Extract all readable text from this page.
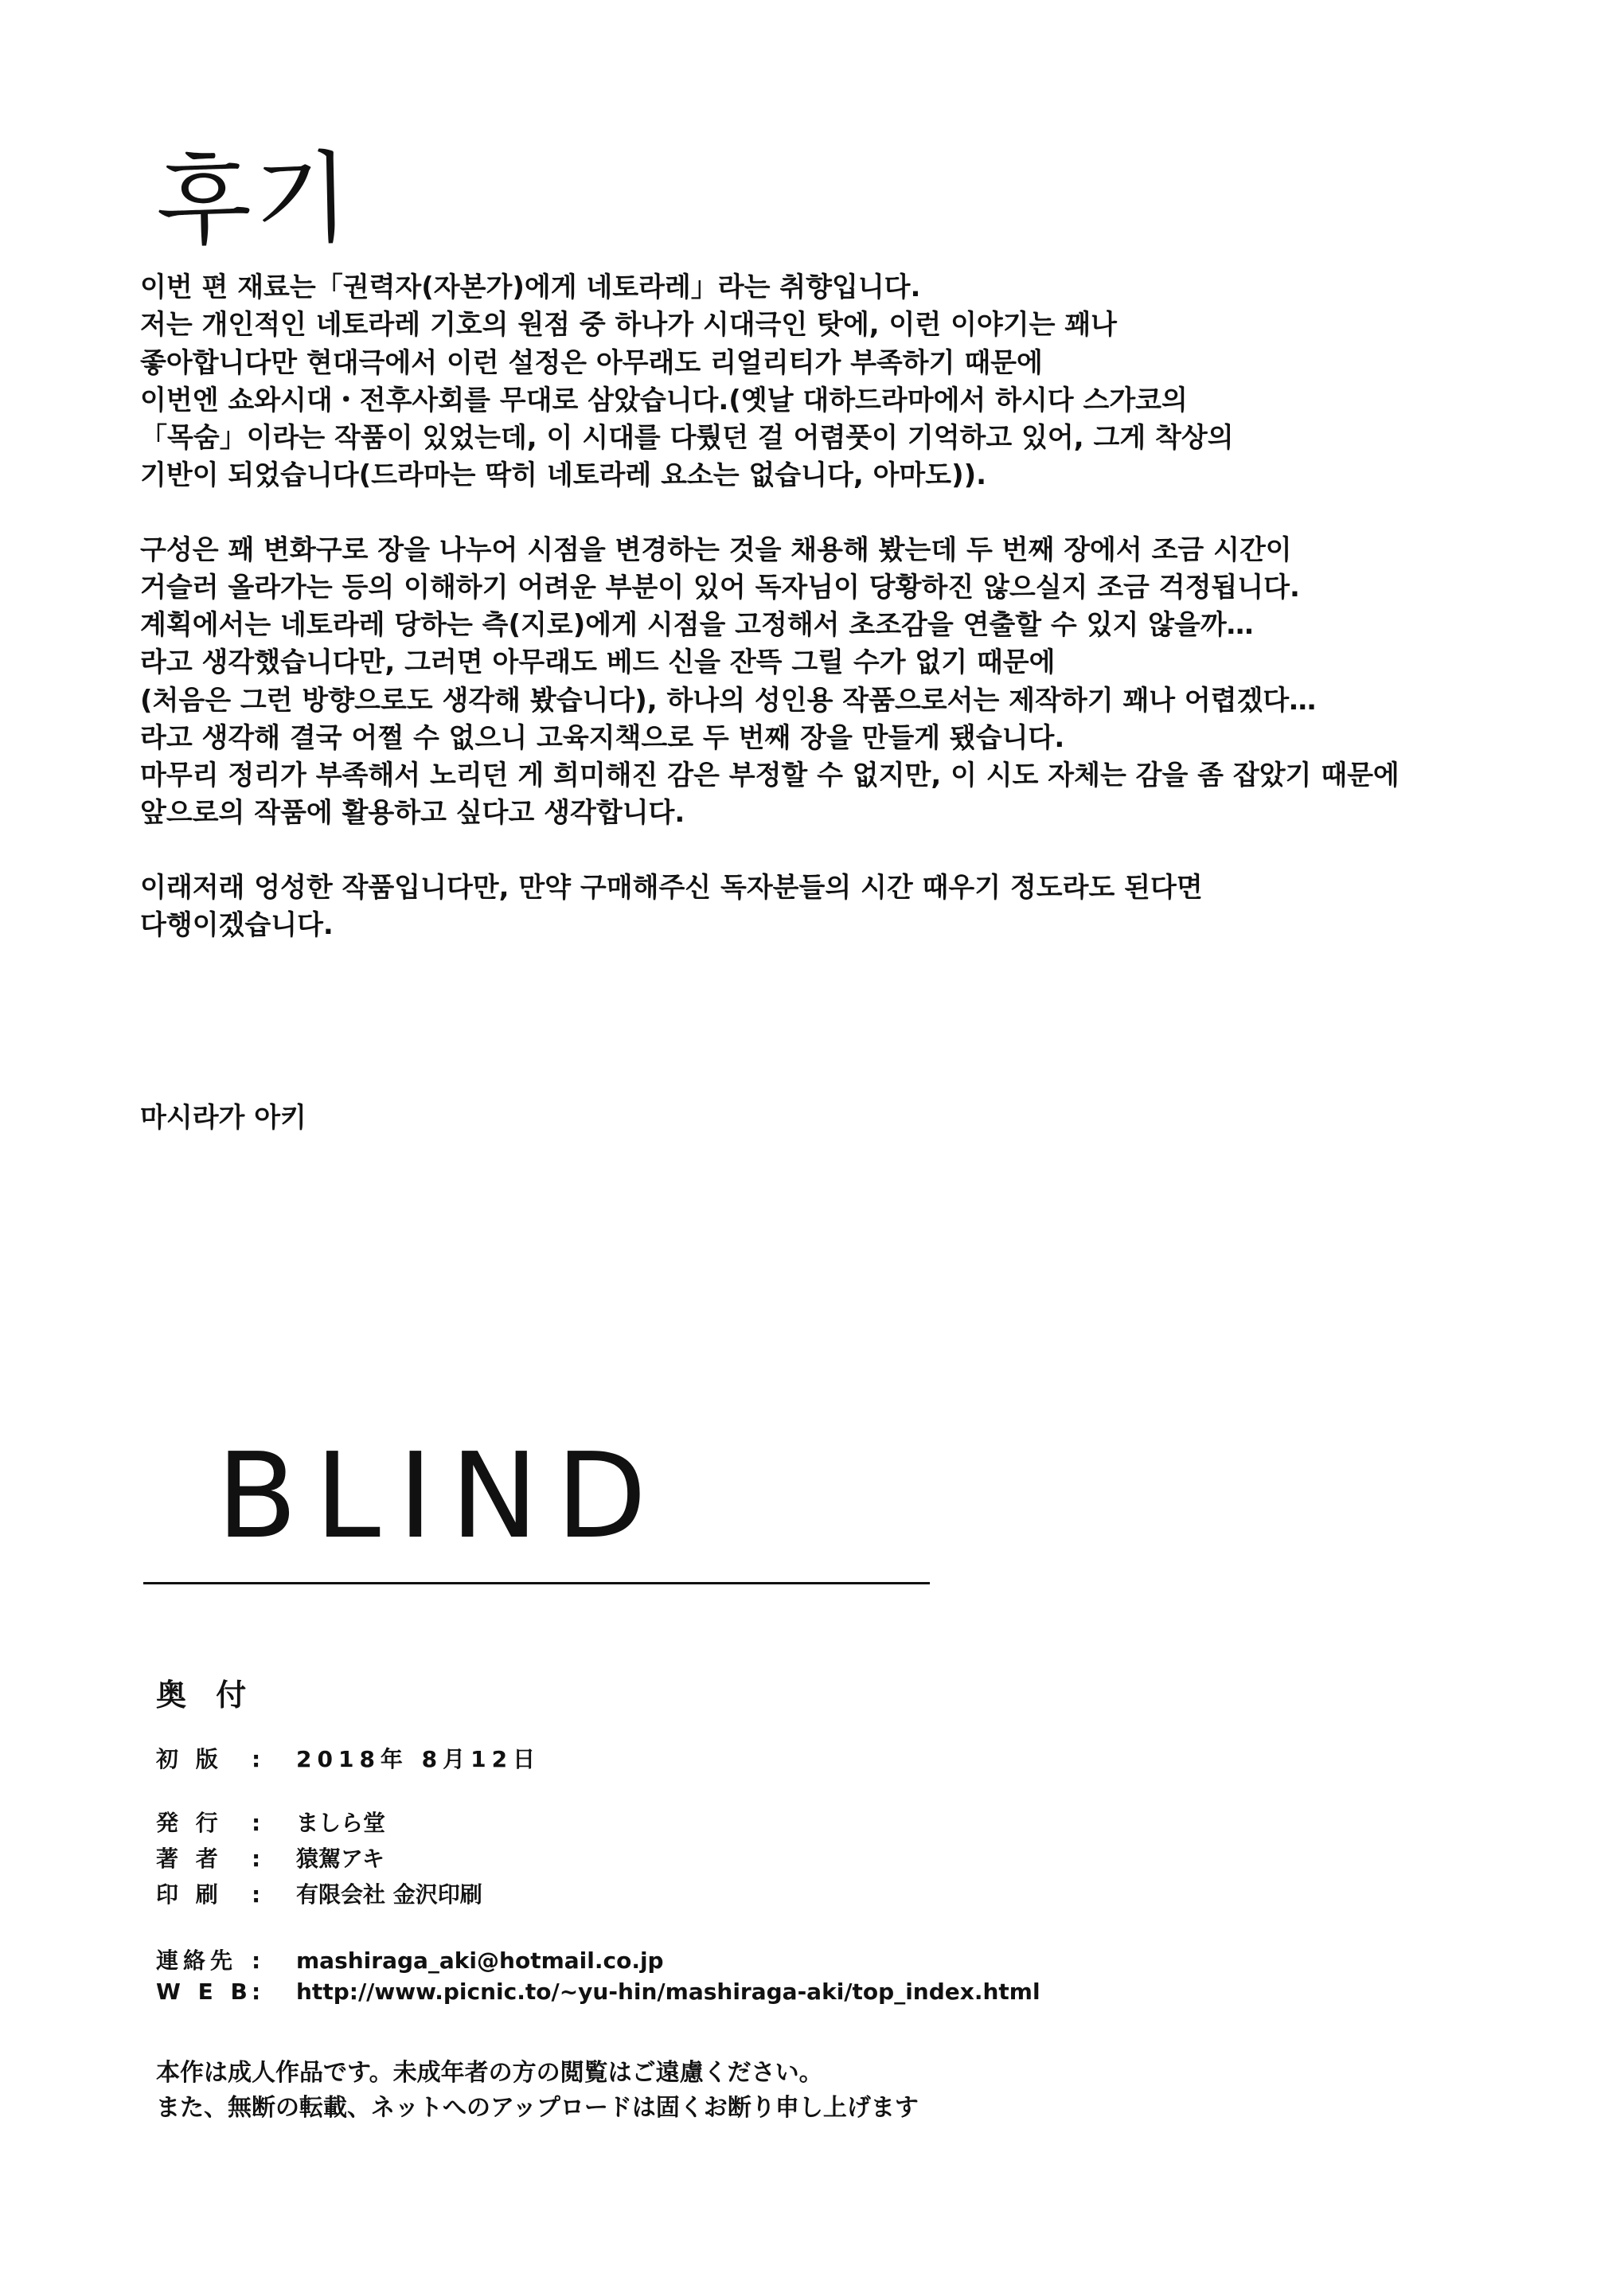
후기

이번 편 재료는「권력자(자본가)에게 네토라레」라는 취향입니다.
저는 개인적인 네토라레 기호의 원점 중 하나가 시대극인 탓에, 이런 이야기는 꽤나
좋아합니다만 현대극에서 이런 설정은 아무래도 리얼리티가 부족하기 때문에
이번엔 쇼와시대・전후사회를 무대로 삼았습니다.(옛날 대하드라마에서 하시다 스가코의
「목숨」이라는 작품이 있었는데, 이 시대를 다뤘던 걸 어렴풋이 기억하고 있어, 그게 착상의
기반이 되었습니다(드라마는 딱히 네토라레 요소는 없습니다, 아마도)).

구성은 꽤 변화구로 장을 나누어 시점을 변경하는 것을 채용해 봤는데 두 번째 장에서 조금 시간이
거슬러 올라가는 등의 이해하기 어려운 부분이 있어 독자님이 당황하진 않으실지 조금 걱정됩니다.
계획에서는 네토라레 당하는 측(지로)에게 시점을 고정해서 초조감을 연출할 수 있지 않을까…
라고 생각했습니다만, 그러면 아무래도 베드 신을 잔뜩 그릴 수가 없기 때문에
(처음은 그런 방향으로도 생각해 봤습니다), 하나의 성인용 작품으로서는 제작하기 꽤나 어렵겠다…
라고 생각해 결국 어쩔 수 없으니 고육지책으로 두 번째 장을 만들게 됐습니다.
마무리 정리가 부족해서 노리던 게 희미해진 감은 부정할 수 없지만, 이 시도 자체는 감을 좀 잡았기 때문에
앞으로의 작품에 활용하고 싶다고 생각합니다.

이래저래 엉성한 작품입니다만, 만약 구매해주신 독자분들의 시간 때우기 정도라도 된다면
다행이겠습니다.

마시라가 아키
BLIND
奥 付
初 版 : 2018年 8月12日
発 行 : ましら堂
著 者 : 猿駕アキ
印 刷 : 有限会社 金沢印刷
連絡先 : mashiraga_aki@hotmail.co.jp
W E B: http://www.picnic.to/~yu-hin/mashiraga-aki/top_index.html
本作は成人作品です。未成年者の方の閲覧はご遠慮ください。
また、無断の転載、ネットへのアップロードは固くお断り申し上げます
